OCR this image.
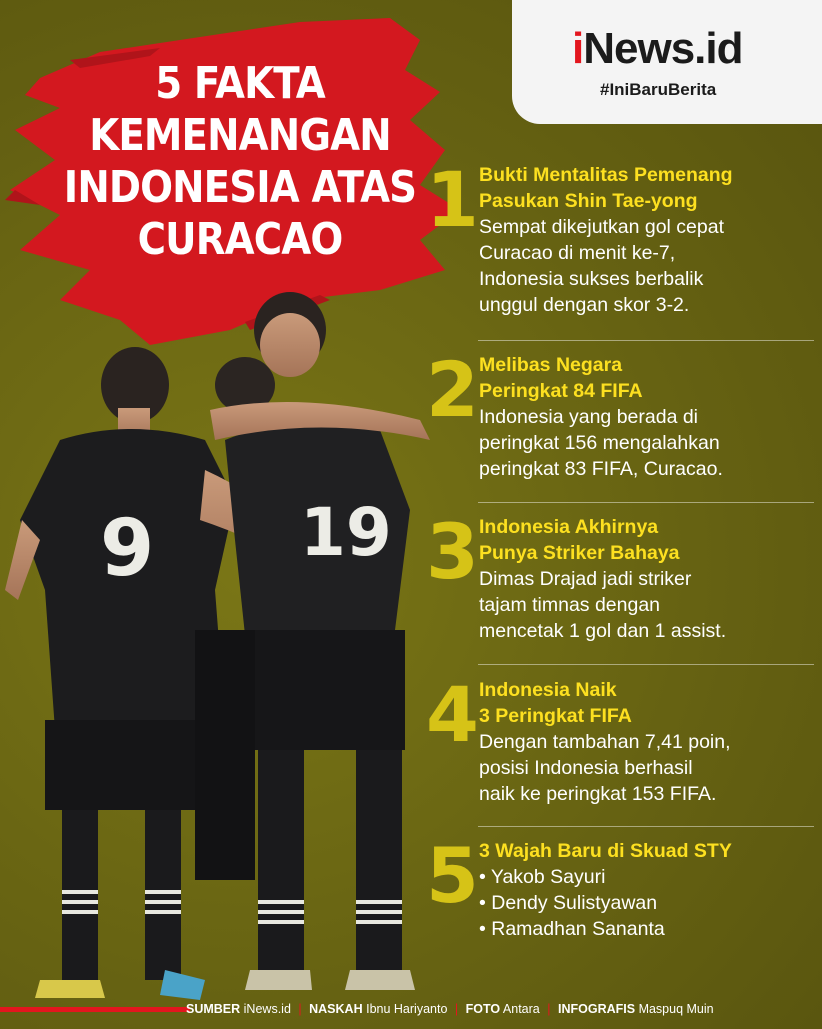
5 FAKTA
KEMENANGAN
INDONESIA ATAS
CURACAO
iNews.id
#IniBaruBerita
9 19
1 Bukti Mentalitas Pemenang
Pasukan Shin Tae-yong
Sempat dikejutkan gol cepat
Curacao di menit ke-7,
Indonesia sukses berbalik
unggul dengan skor 3-2.
2 Melibas Negara
Peringkat 84 FIFA
Indonesia yang berada di
peringkat 156 mengalahkan
peringkat 83 FIFA, Curacao.
3 Indonesia Akhirnya
Punya Striker Bahaya
Dimas Drajad jadi striker
tajam timnas dengan
mencetak 1 gol dan 1 assist.
4 Indonesia Naik
3 Peringkat FIFA
Dengan tambahan 7,41 poin,
posisi Indonesia berhasil
naik ke peringkat 153 FIFA.
5 3 Wajah Baru di Skuad STY
• Yakob Sayuri
• Dendy Sulistyawan
• Ramadhan Sananta
SUMBER iNews.id | NASKAH Ibnu Hariyanto | FOTO Antara | INFOGRAFIS Maspuq Muin
